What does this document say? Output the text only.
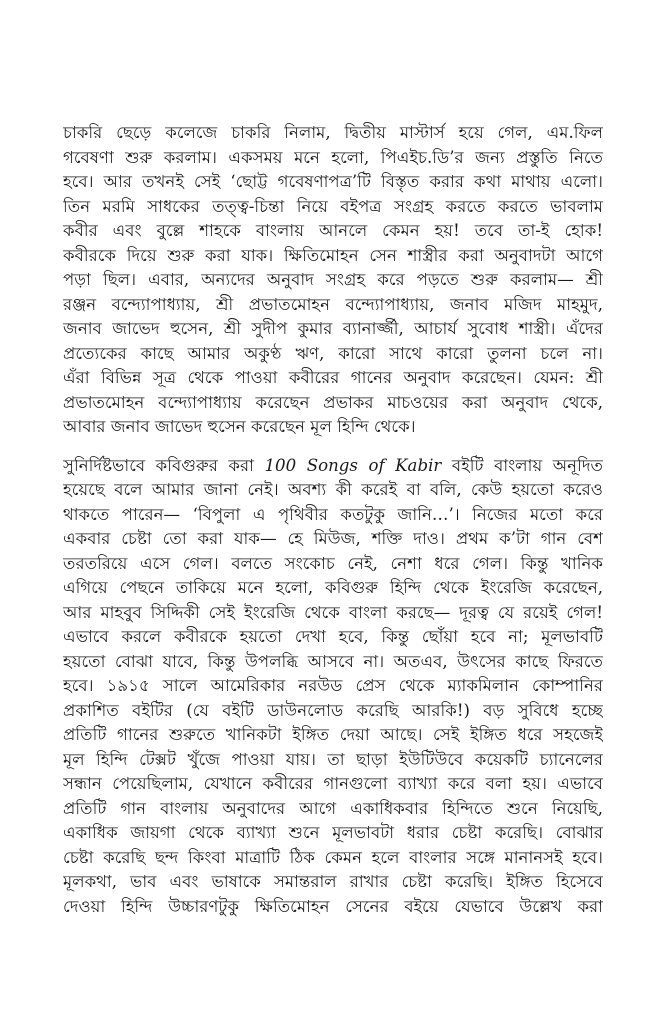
চাকরি ছেড়ে কলেজে চাকরি নিলাম, দ্বিতীয় মাস্টার্স হয়ে গেল, এম.ফিল
গবেষণা শুরু করলাম। একসময় মনে হলো, পিএইচ.ডি’র জন্য প্রস্তুতি নিতে
হবে। আর তখনই সেই ‘ছোট্ট গবেষণাপত্র’টি বিস্তৃত করার কথা মাথায় এলো।
তিন মরমি সাধকের তত্ত্ব-চিন্তা নিয়ে বইপত্র সংগ্রহ করতে করতে ভাবলাম
কবীর এবং বুল্লে শাহকে বাংলায় আনলে কেমন হয়! তবে তা-ই হোক!
কবীরকে দিয়ে শুরু করা যাক। ক্ষিতিমোহন সেন শাস্ত্রীর করা অনুবাদটা আগে
পড়া ছিল। এবার, অন্যদের অনুবাদ সংগ্রহ করে পড়তে শুরু করলাম— শ্রী
রঞ্জন বন্দ্যোপাধ্যায়, শ্রী প্রভাতমোহন বন্দ্যোপাধ্যায়, জনাব মজিদ মাহমুদ,
জনাব জাভেদ হুসেন, শ্রী সুদীপ কুমার ব্যানার্জ্জী, আচার্য সুবোধ শাস্ত্রী। এঁদের
প্রত্যেকের কাছে আমার অকুণ্ঠ ঋণ, কারো সাথে কারো তুলনা চলে না।
এঁরা বিভিন্ন সূত্র থেকে পাওয়া কবীরের গানের অনুবাদ করেছেন। যেমন: শ্রী
প্রভাতমোহন বন্দ্যোপাধ্যায় করেছেন প্রভাকর মাচওয়ের করা অনুবাদ থেকে,
আবার জনাব জাভেদ হুসেন করেছেন মূল হিন্দি থেকে।
সুনির্দিষ্টভাবে কবিগুরুর করা 100 Songs of Kabir বইটি বাংলায় অনূদিত
হয়েছে বলে আমার জানা নেই। অবশ্য কী করেই বা বলি, কেউ হয়তো করেও
থাকতে পারেন— ‘বিপুলা এ পৃথিবীর কতটুকু জানি…’। নিজের মতো করে
একবার চেষ্টা তো করা যাক— হে মিউজ, শক্তি দাও। প্রথম ক’টা গান বেশ
তরতরিয়ে এসে গেল। বলতে সংকোচ নেই, নেশা ধরে গেল। কিন্তু খানিক
এগিয়ে পেছনে তাকিয়ে মনে হলো, কবিগুরু হিন্দি থেকে ইংরেজি করেছেন,
আর মাহবুব সিদ্দিকী সেই ইংরেজি থেকে বাংলা করছে— দূরত্ব যে রয়েই গেল!
এভাবে করলে কবীরকে হয়তো দেখা হবে, কিন্তু ছোঁয়া হবে না; মূলভাবটি
হয়তো বোঝা যাবে, কিন্তু উপলব্ধি আসবে না। অতএব, উৎসের কাছে ফিরতে
হবে। ১৯১৫ সালে আমেরিকার নরউড প্রেস থেকে ম্যাকমিলান কোম্পানির
প্রকাশিত বইটির (যে বইটি ডাউনলোড করেছি আরকি!) বড় সুবিধে হচ্ছে
প্রতিটি গানের শুরুতে খানিকটা ইঙ্গিত দেয়া আছে। সেই ইঙ্গিত ধরে সহজেই
মূল হিন্দি টেক্সট খুঁজে পাওয়া যায়। তা ছাড়া ইউটিউবে কয়েকটি চ্যানেলের
সন্ধান পেয়েছিলাম, যেখানে কবীরের গানগুলো ব্যাখ্যা করে বলা হয়। এভাবে
প্রতিটি গান বাংলায় অনুবাদের আগে একাধিকবার হিন্দিতে শুনে নিয়েছি,
একাধিক জায়গা থেকে ব্যাখ্যা শুনে মূলভাবটা ধরার চেষ্টা করেছি। বোঝার
চেষ্টা করেছি ছন্দ কিংবা মাত্রাটি ঠিক কেমন হলে বাংলার সঙ্গে মানানসই হবে।
মূলকথা, ভাব এবং ভাষাকে সমান্তরাল রাখার চেষ্টা করেছি। ইঙ্গিত হিসেবে
দেওয়া হিন্দি উচ্চারণটুকু ক্ষিতিমোহন সেনের বইয়ে যেভাবে উল্লেখ করা
